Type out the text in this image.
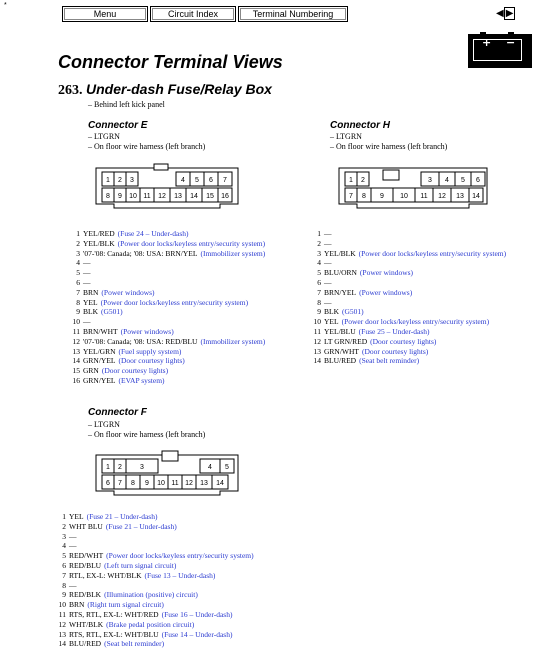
*
Menu	Circuit Index	Terminal Numbering	◀ ▶
+ −
Connector Terminal Views
263. Under-dash Fuse/Relay Box
– Behind left kick panel
Connector E
– LTGRN
– On floor wire harness (left branch)
Connector H
– LTGRN
– On floor wire harness (left branch)
1 2 3	4 5 6 7
8 9 10 11 12 13 14 15 16
1 2	3 4 5 6
7 8 9 10 11 12 13 14
1 YEL/RED (Fuse 24 – Under-dash)
2 YEL/BLK (Power door locks/keyless entry/security system)
3 '07-'08: Canada; '08: USA: BRN/YEL (Immobilizer system)
4 —
5 —
6 —
7 BRN (Power windows)
8 YEL (Power door locks/keyless entry/security system)
9 BLK (G501)
10 —
11 BRN/WHT (Power windows)
12 '07-'08: Canada; '08: USA: RED/BLU (Immobilizer system)
13 YEL/GRN (Fuel supply system)
14 GRN/YEL (Door courtesy lights)
15 GRN (Door courtesy lights)
16 GRN/YEL (EVAP system)
1 —
2 —
3 YEL/BLK (Power door locks/keyless entry/security system)
4 —
5 BLU/ORN (Power windows)
6 —
7 BRN/YEL (Power windows)
8 —
9 BLK (G501)
10 YEL (Power door locks/keyless entry/security system)
11 YEL/BLU (Fuse 25 – Under-dash)
12 LT GRN/RED (Door courtesy lights)
13 GRN/WHT (Door courtesy lights)
14 BLU/RED (Seat belt reminder)
Connector F
– LTGRN
– On floor wire harness (left branch)
1 2	3	4 5
6 7 8 9 10 11 12 13 14
1 YEL (Fuse 21 – Under-dash)
2 WHT BLU (Fuse 21 – Under-dash)
3 —
4 —
5 RED/WHT (Power door locks/keyless entry/security system)
6 RED/BLU (Left turn signal circuit)
7 RTL, EX-L: WHT/BLK (Fuse 13 – Under-dash)
8 —
9 RED/BLK (Illumination (positive) circuit)
10 BRN (Right turn signal circuit)
11 RTS, RTL, EX-L: WHT/RED (Fuse 16 – Under-dash)
12 WHT/BLK (Brake pedal position circuit)
13 RTS, RTL, EX-L: WHT/BLU (Fuse 14 – Under-dash)
14 BLU/RED (Seat belt reminder)
